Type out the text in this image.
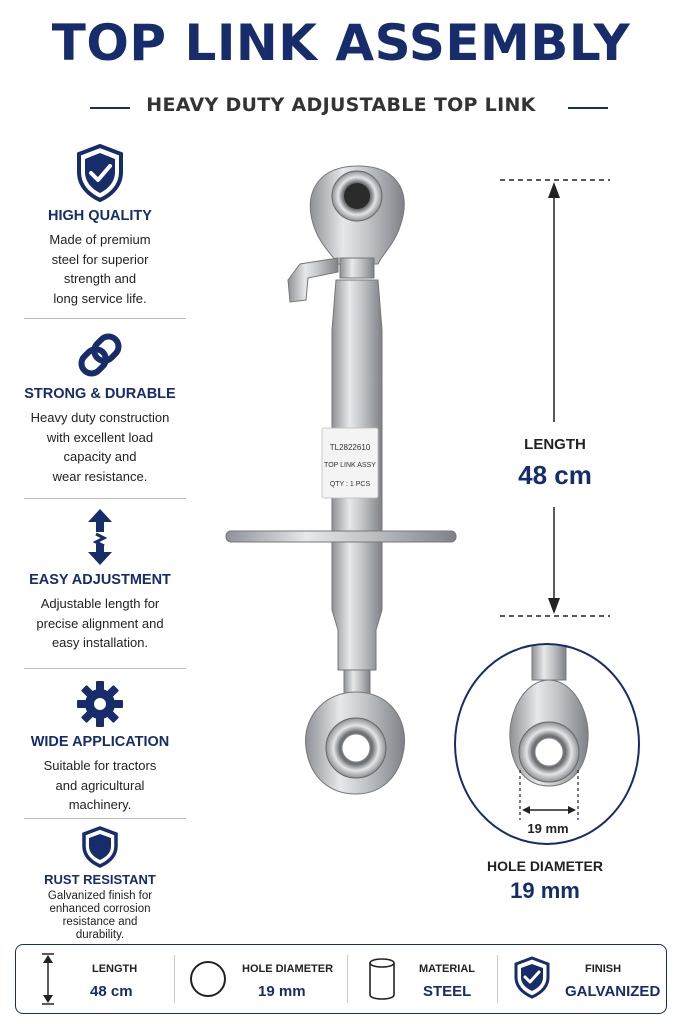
TOP LINK ASSEMBLY
HEAVY DUTY ADJUSTABLE TOP LINK
HIGH QUALITY
Made of premium
steel for superior
strength and
long service life.
STRONG & DURABLE
Heavy duty construction
with excellent load
capacity and
wear resistance.
EASY ADJUSTMENT
Adjustable length for
precise alignment and
easy installation.
WIDE APPLICATION
Suitable for tractors
and agricultural
machinery.
RUST RESISTANT
Galvanized finish for
enhanced corrosion
resistance and
durability.
TL2822610
TOP LINK ASSY
QTY : 1 PCS
LENGTH
48 cm
19 mm
HOLE DIAMETER
19 mm
LENGTH
48 cm
HOLE DIAMETER
19 mm
MATERIAL
STEEL
FINISH
GALVANIZED
